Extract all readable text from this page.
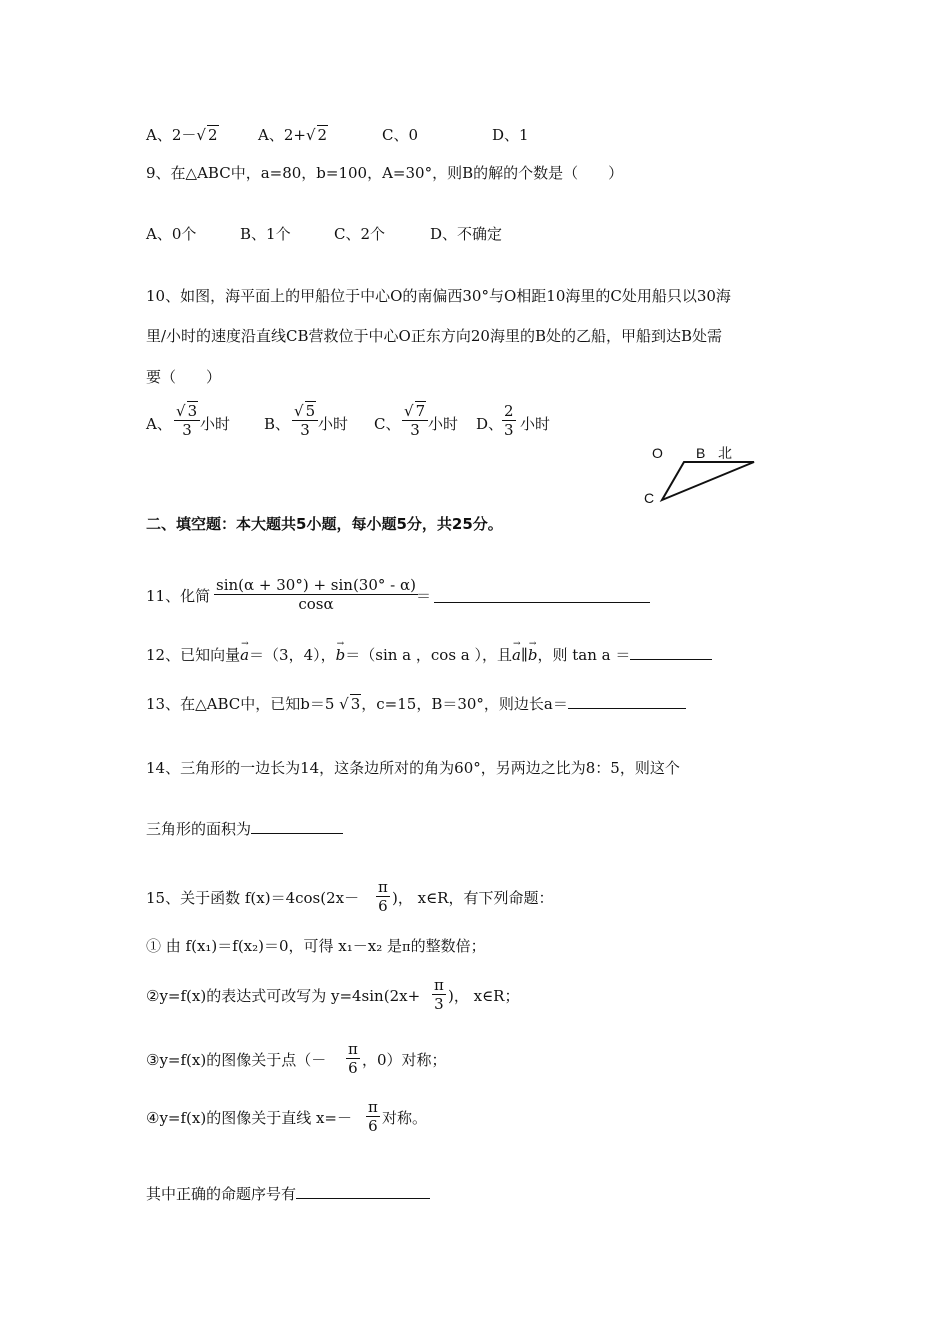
A、2－√ 2	A、2+√ 2	C、0	D、1
9、在△ABC中，a=80，b=100，A=30°，则B的解的个数是（　　）
A、0个	B、1个	C、2个	D、不确定
10、如图，海平面上的甲船位于中心O的南偏西30°与O相距10海里的C处用船只以30海
里/小时的速度沿直线CB营救位于中心O正东方向20海里的B处的乙船，甲船到达B处需
要（　　）
A、 $\frac{√ 3}{3}$ 小时 B、 $\frac{√ 5}{3}$ 小时 C、 $\frac{√ 7}{3}$ 小时 D、
$\frac{2}{3}$ 小时
O B 北
C
二、填空题：本大题共5小题，每小题5分，共25分。
11、化简 $\frac{\sin(\alpha + 30^\circ) + \sin(30^\circ - \alpha)}{\cos\alpha}$
＝
12、已知向量→ a＝（3，4），→ b＝（sin a ，cos a ），且→ a∥→ b，则 tan a ＝
13、在△ABC中，已知b＝5 √ 3，c=15，B＝30°，则边长a＝
14、三角形的一边长为14，这条边所对的角为60°，另两边之比为8：5，则这个
三角形的面积为
15、关于函数 $f(x)=4\cos(2x- \frac{\pi}{6}$ )， x∈R，有下列命题：
① 由 f(x₁)＝f(x₂)＝0，可得 x₁－x₂ 是π的整数倍；
②y=f(x)的表达式可改写为 $y=4\sin(2x+ \frac{\pi}{3}$ )， x∈R；
③y=f(x)的图像关于点（－ $\frac{\pi}{6}$ ，0）对称；
④y=f(x)的图像关于直线 $x=- \frac{\pi}{6}$ 对称。
其中正确的命题序号有
